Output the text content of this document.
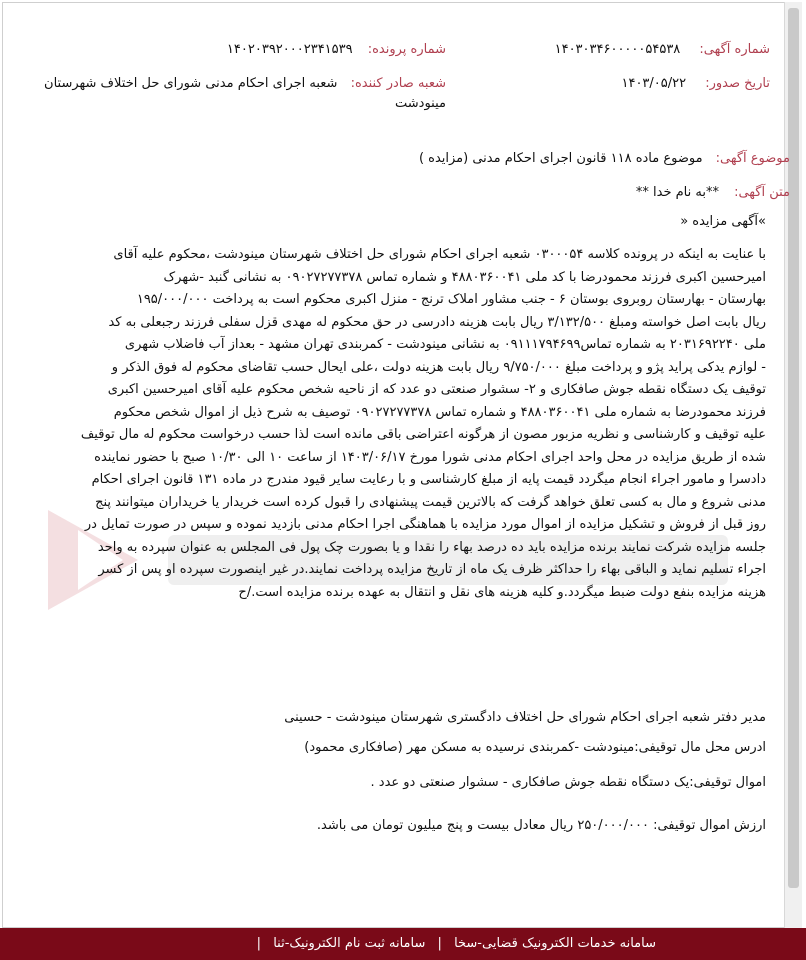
شماره آگهی: ۱۴۰۳۰۳۴۶۰۰۰۰۰۵۴۵۳۸
شماره پرونده: ۱۴۰۲۰۳۹۲۰۰۰۲۳۴۱۵۳۹
تاریخ صدور: ۱۴۰۳/۰۵/۲۲
شعبه صادر کننده: شعبه اجرای احکام مدنی شورای حل اختلاف شهرستان
مینودشت
موضوع آگهی: موضوع ماده ۱۱۸ قانون اجرای احکام مدنی (مزایده )
متن آگهی: **به نام خدا **
»آگهی مزایده «
با عنایت به اینکه در پرونده کلاسه ۰۳۰۰۰۵۴ شعبه اجرای احکام شورای حل اختلاف شهرستان مینودشت ،محکوم علیه آقای
امیرحسین اکبری فرزند محمودرضا با کد ملی ۴۸۸۰۳۶۰۰۴۱ و شماره تماس ۰۹۰۲۷۲۷۷۳۷۸ به نشانی گنبد -شهرک
بهارستان - بهارستان روبروی بوستان ۶ - جنب مشاور املاک ترنج - منزل اکبری محکوم است به پرداخت ۱۹۵/۰۰۰/۰۰۰
ریال بابت اصل خواسته ومبلغ ۳/۱۳۲/۵۰۰ ریال بابت هزینه دادرسی در حق محکوم له مهدی قزل سفلی فرزند رجبعلی به کد
ملی ۲۰۳۱۶۹۲۲۴۰ به شماره تماس۰۹۱۱۱۷۹۴۶۹۹ به نشانی مینودشت - کمربندی تهران مشهد - بعداز آب فاضلاب شهری
- لوازم یدکی پراید پژو و پرداخت مبلغ ۹/۷۵۰/۰۰۰ ریال بابت هزینه دولت ،علی ایحال حسب تقاضای محکوم له فوق الذکر و
توقیف یک دستگاه نقطه جوش صافکاری و ۲- سشوار صنعتی دو عدد که از ناحیه شخص محکوم علیه آقای امیرحسین اکبری
فرزند محمودرضا به شماره ملی ۴۸۸۰۳۶۰۰۴۱ و شماره تماس ۰۹۰۲۷۲۷۷۳۷۸ توصیف به شرح ذیل از اموال شخص محکوم
علیه توقیف و کارشناسی و نظریه مزبور مصون از هرگونه اعتراضی باقی مانده است لذا حسب درخواست محکوم له مال توقیف
شده از طریق مزایده در محل واحد اجرای احکام مدنی شورا مورخ ۱۴۰۳/۰۶/۱۷ از ساعت ۱۰ الی ۱۰/۳۰ صبح با حضور نماینده
دادسرا و مامور اجراء انجام میگردد قیمت پایه از مبلغ کارشناسی و با رعایت سایر قیود مندرج در ماده ۱۳۱ قانون اجرای احکام
مدنی شروع و مال به کسی تعلق خواهد گرفت که بالاترین قیمت پیشنهادی را قبول کرده است خریدار یا خریداران میتوانند پنج
روز قبل از فروش و تشکیل مزایده از اموال مورد مزایده با هماهنگی اجرا احکام مدنی بازدید نموده و سپس در صورت تمایل در
جلسه مزایده شرکت نمایند برنده مزایده باید ده درصد بهاء را نقدا و یا بصورت چک پول فی المجلس به عنوان سپرده به واحد
اجراء تسلیم نماید و الباقی بهاء را حداکثر ظرف یک ماه از تاریخ مزایده پرداخت نمایند.در غیر اینصورت سپرده او پس از کسر
هزینه مزایده بنفع دولت ضبط میگردد.و کلیه هزینه های نقل و انتقال به عهده برنده مزایده است./ح
مدیر دفتر شعبه اجرای احکام شورای حل اختلاف دادگستری شهرستان مینودشت - حسینی
ادرس محل مال توقیفی:مینودشت -کمربندی نرسیده به مسکن مهر (صافکاری محمود)
اموال توقیفی:یک دستگاه نقطه جوش صافکاری - سشوار صنعتی دو عدد .
ارزش اموال توقیفی: ۲۵۰/۰۰۰/۰۰۰ ریال معادل بیست و پنج میلیون تومان می باشد.
سامانه خدمات الکترونیک قضایی-سخا | سامانه ثبت نام الکترونیک-ثنا |
